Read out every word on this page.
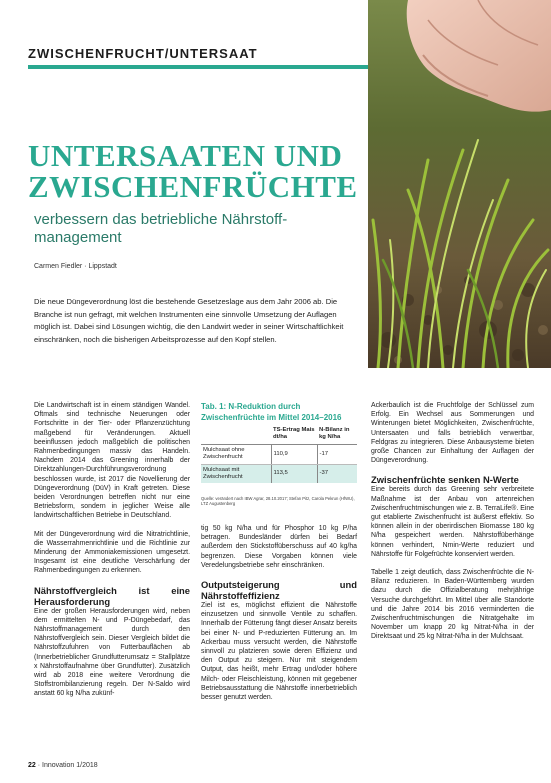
ZWISCHENFRUCHT/UNTERSAAT
UNTERSAATEN UND ZWISCHENFRÜCHTE
verbessern das betriebliche Nährstoff-management
Carmen Fiedler · Lippstadt
Die neue Düngeverordnung löst die bestehende Gesetzeslage aus dem Jahr 2006 ab. Die Branche ist nun gefragt, mit welchen Instrumenten eine sinnvolle Umsetzung der Auflagen möglich ist. Dabei sind Lösungen wichtig, die den Landwirt weder in seiner Wirtschaftlichkeit einschränken, noch die bisherigen Arbeitsprozesse auf den Kopf stellen.

Die Landwirtschaft ist in einem ständigen Wandel. Oftmals sind technische Neuerungen oder Fortschritte in der Tier- oder Pflanzenzüchtung maßgebend für Veränderungen. Aktuell beeinflussen jedoch maßgeblich die politischen Rahmenbedingungen massiv das Handeln. Nachdem 2014 das Greening innerhalb der Direktzahlungen-Durchführungsverordnung beschlossen wurde, ist 2017 die Novellierung der Düngeverordnung (DüV) in Kraft getreten. Diese beiden Verordnungen betreffen nicht nur eine Betriebsform, sondern in jeglicher Weise alle landwirtschaftlichen Betriebe in Deutschland.

Mit der Düngeverordnung wird die Nitratrichtlinie, die Wasserrahmenrichtlinie und die Richtlinie zur Minderung der Ammoniakemissionen umgesetzt. Insgesamt ist eine deutliche Verschärfung der Rahmenbedingungen zu erkennen.

Nährstoffvergleich ist eine Herausforderung

Eine der großen Herausforderungen wird, neben dem ermittelten N- und P-Düngebedarf, das Nährstoffmanagement durch den Nährstoffvergleich sein. Dieser Vergleich bildet die Nährstoffzufuhren von Futterbauflächen ab (Innerbetrieblicher Grundfutterumsatz = Stallplätze x Nährstoffaufnahme über Grundfutter). Zusätzlich wird ab 2018 eine weitere Verordnung die Stoffstrombilanzierung regeln. Der N-Saldo wird anstatt 60 kg N/ha zukünf-

Tab. 1: N-Reduktion durch Zwischenfrüchte im Mittel 2014–2016
	TS-Ertrag Mais dt/ha	N-Bilanz in kg N/ha
Mulchsaat ohne Zwischenfrucht	110,9	-17
Mulchsaat mit Zwischenfrucht	113,5	-37
Quelle: verändert nach IBW Agrar, 28.10.2017; Stefan Pitz, Carola Pekrun (HfWU), LTZ Augustenberg

tig 50 kg N/ha und für Phosphor 10 kg P/ha betragen. Bundesländer dürfen bei Bedarf außerdem den Stickstoffüberschuss auf 40 kg/ha begrenzen. Diese Vorgaben können viele Veredelungsbetriebe sehr einschränken.

Outputsteigerung und Nährstoffeffizienz

Ziel ist es, möglichst effizient die Nährstoffe einzusetzen und sinnvolle Ventile zu schaffen. Innerhalb der Fütterung fängt dieser Ansatz bereits bei einer N- und P-reduzierten Fütterung an. Im Ackerbau muss versucht werden, die Nährstoffe sinnvoll zu platzieren sowie deren Effizienz und den Output zu steigern. Nur mit steigendem Output, das heißt, mehr Ertrag und/oder höhere Milch- oder Fleischleistung, können mit gegebener Betriebsausstattung die Nährstoffe innerbetrieblich besser genutzt werden.

Ackerbaulich ist die Fruchtfolge der Schlüssel zum Erfolg. Ein Wechsel aus Sommerungen und Winterungen bietet Möglichkeiten, Zwischenfrüchte, Untersaaten und falls betrieblich verwertbar, Feldgras zu integrieren. Diese Anbausysteme bieten große Chancen zur Einhaltung der Auflagen der Düngeverordnung.

Zwischenfrüchte senken N-Werte

Eine bereits durch das Greening sehr verbreitete Maßnahme ist der Anbau von artenreichen Zwischenfruchtmischungen wie z. B. TerraLife®. Eine gut etablierte Zwischenfrucht ist äußerst effektiv. So können allein in der oberirdischen Biomasse 180 kg N/ha gespeichert werden. Nährstoffüberhänge können verhindert, Nmin-Werte reduziert und Nährstoffe für Folgefrüchte konserviert werden.

Tabelle 1 zeigt deutlich, dass Zwischenfrüchte die N-Bilanz reduzieren. In Baden-Württemberg wurden dazu durch die Offizialberatung mehrjährige Versuche durchgeführt. Im Mittel über alle Standorte und die Jahre 2014 bis 2016 verminderten die Zwischenfruchtmischungen die Nitratgehalte im November um knapp 20 kg Nitrat-N/ha in der Direktsaat und 25 kg Nitrat-N/ha in der Mulchsaat.

22 · Innovation 1/2018
